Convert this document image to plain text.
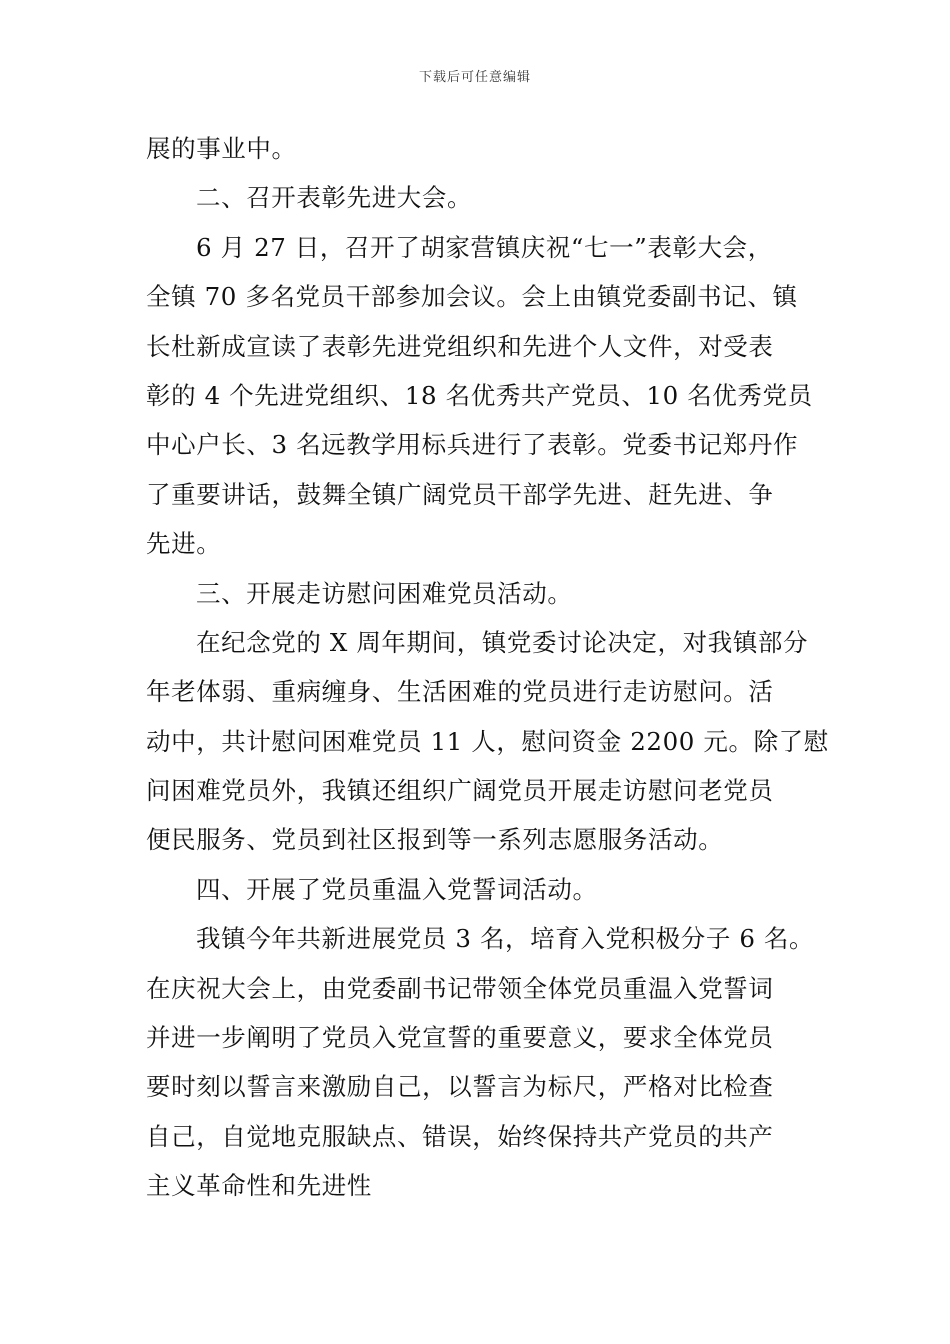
下载后可任意编辑
展的事业中。
二、召开表彰先进大会。
6 月 27 日，召开了胡家营镇庆祝“七一”表彰大会，
全镇 70 多名党员干部参加会议。会上由镇党委副书记、镇
长杜新成宣读了表彰先进党组织和先进个人文件，对受表
彰的 4 个先进党组织、18 名优秀共产党员、10 名优秀党员
中心户长、3 名远教学用标兵进行了表彰。党委书记郑丹作
了重要讲话，鼓舞全镇广阔党员干部学先进、赶先进、争
先进。
三、开展走访慰问困难党员活动。
在纪念党的 X 周年期间，镇党委讨论决定，对我镇部分
年老体弱、重病缠身、生活困难的党员进行走访慰问。活
动中，共计慰问困难党员 11 人，慰问资金 2200 元。除了慰
问困难党员外，我镇还组织广阔党员开展走访慰问老党员
便民服务、党员到社区报到等一系列志愿服务活动。
四、开展了党员重温入党誓词活动。
我镇今年共新进展党员 3 名，培育入党积极分子 6 名。
在庆祝大会上，由党委副书记带领全体党员重温入党誓词
并进一步阐明了党员入党宣誓的重要意义，要求全体党员
要时刻以誓言来激励自己，以誓言为标尺，严格对比检查
自己，自觉地克服缺点、错误，始终保持共产党员的共产
主义革命性和先进性
